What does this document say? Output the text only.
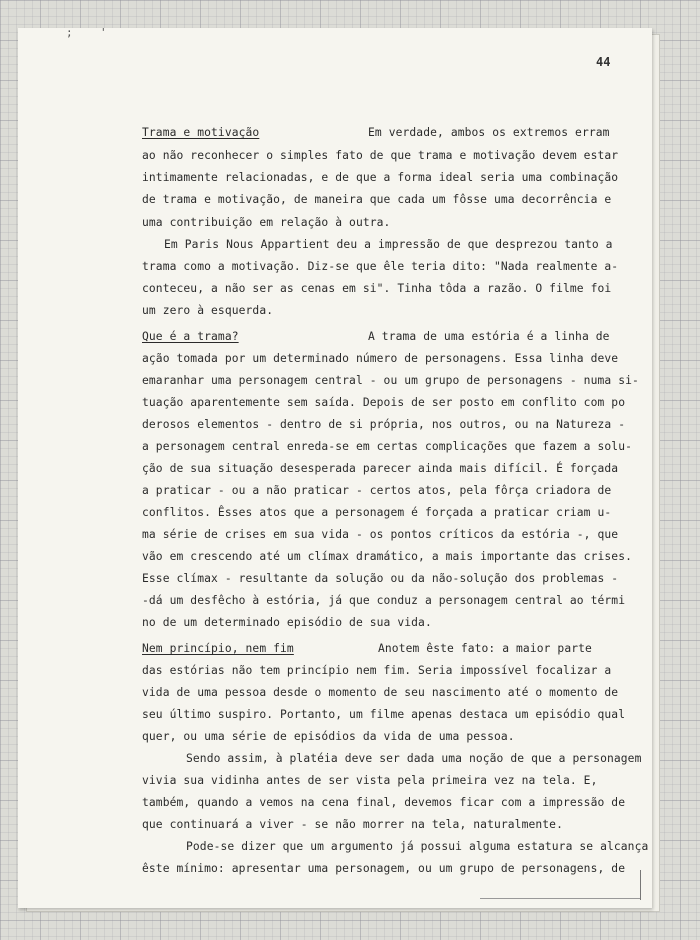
; '
44
Trama e motivação	Em verdade, ambos os extremos erram
ao não reconhecer o simples fato de que trama e motivação devem estar
intimamente relacionadas, e de que a forma ideal seria uma combinação
de trama e motivação, de maneira que cada um fôsse uma decorrência e
uma contribuição em relação à outra.
Em Paris Nous Appartient deu a impressão de que desprezou tanto a
trama como a motivação. Diz-se que êle teria dito: "Nada realmente a-
conteceu, a não ser as cenas em si". Tinha tôda a razão. O filme foi
um zero à esquerda.
Que é a trama?	A trama de uma estória é a linha de
ação tomada por um determinado número de personagens. Essa linha deve
emaranhar uma personagem central - ou um grupo de personagens - numa si-
tuação aparentemente sem saída. Depois de ser posto em conflito com po
derosos elementos - dentro de si própria, nos outros, ou na Natureza -
a personagem central enreda-se em certas complicações que fazem a solu-
ção de sua situação desesperada parecer ainda mais difícil. É forçada
a praticar - ou a não praticar - certos atos, pela fôrça criadora de
conflitos. Êsses atos que a personagem é forçada a praticar criam u-
ma série de crises em sua vida - os pontos críticos da estória -, que
vão em crescendo até um clímax dramático, a mais importante das crises.
Esse clímax - resultante da solução ou da não-solução dos problemas -
-dá um desfêcho à estória, já que conduz a personagem central ao térmi
no de um determinado episódio de sua vida.
Nem princípio, nem fim	Anotem êste fato: a maior parte
das estórias não tem princípio nem fim. Seria impossível focalizar a
vida de uma pessoa desde o momento de seu nascimento até o momento de
seu último suspiro. Portanto, um filme apenas destaca um episódio qual
quer, ou uma série de episódios da vida de uma pessoa.
Sendo assim, à platéia deve ser dada uma noção de que a personagem
vivia sua vidinha antes de ser vista pela primeira vez na tela. E,
também, quando a vemos na cena final, devemos ficar com a impressão de
que continuará a viver - se não morrer na tela, naturalmente.
Pode-se dizer que um argumento já possui alguma estatura se alcança
êste mínimo: apresentar uma personagem, ou um grupo de personagens, de
